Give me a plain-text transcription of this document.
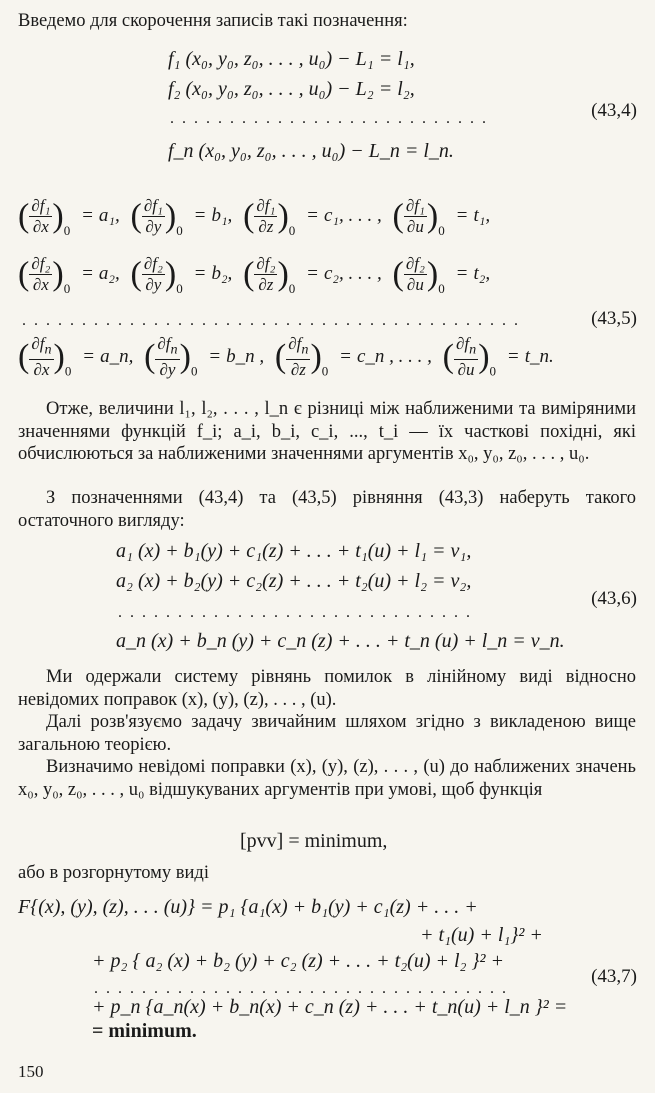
Введемо для скорочення записів такі позначення:
f₁ (x₀, y₀, z₀, . . . , u₀) − L₁ = l₁,
f₂ (x₀, y₀, z₀, . . . , u₀) − L₂ = l₂,
. . . . . . . . . . . . . . . . . . . . . . . . . . .	(43,4)
f_n (x₀, y₀, z₀, . . . , u₀) − L_n = l_n.
( $\frac{\text{∂f₁}}{\partial x} )_0= a_1$, ( $\frac{\text{∂f₁}}{\partial y} )_0= b_1$, ( $\frac{\text{∂f₁}}{\partial z} )_0= c_1$, . . . , ( $\frac{\text{∂f₁}}{\partial u} )_0= t_1$,
( $\frac{\text{∂f₂}}{\partial x} )_0= a_2$, ( $\frac{\text{∂f₂}}{\partial y} )_0= b_2$, ( $\frac{\text{∂f₂}}{\partial z} )_0= c_2$, . . . , ( $\frac{\text{∂f₂}}{\partial u} )_0= t_2$,
. . . . . . . . . . . . . . . . . . . . . . . . . . . . . . . . . . . . . . . . . .	(43,5)
( $\frac{\partial f_n}{\partial x} )_0=$ a_n, ( $\frac{\partial f_n}{\partial y} )_0=$ b_n , ( $\frac{\partial f_n}{\partial z} )_0=$ c_n , . . . , ( $\frac{\partial f_n}{\partial u} )_0=$ t_n.
Отже, величини l₁, l₂, . . . , l_n є різниці між наближеними та виміряними значеннями функцій f_i; a_i, b_i, c_i, ..., t_i — їх часткові похідні, які обчислюються за наближеними значеннями аргументів x₀, y₀, z₀, . . . , u₀.
З позначеннями (43,4) та (43,5) рівняння (43,3) наберуть такого остаточного вигляду:
a₁ (x) + b₁(y) + c₁(z) + . . . + t₁(u) + l₁ = v₁,
a₂ (x) + b₂(y) + c₂(z) + . . . + t₂(u) + l₂ = v₂,
. . . . . . . . . . . . . . . . . . . . . . . . . . . . . .
(43,6)
a_n (x) + b_n (y) + c_n (z) + . . . + t_n (u) + l_n = v_n.
Ми одержали систему рівнянь помилок в лінійному виді відносно невідомих поправок (x), (y), (z), . . . , (u).
Далі розв'язуємо задачу звичайним шляхом згідно з викладеною вище загальною теорією.
Визначимо невідомі поправки (x), (y), (z), . . . , (u) до наближених значень x₀, y₀, z₀, . . . , u₀ відшукуваних аргументів при умові, щоб функція
[pvv] = minimum,
або в розгорнутому виді
F{(x), (y), (z), . . . (u)} = p₁ {a₁(x) + b₁(y) + c₁(z) + . . . +
+ t₁(u) + l₁}² +
+ p₂ { a₂ (x) + b₂ (y) + c₂ (z) + . . . + t₂(u) + l₂ }² +
. . . . . . . . . . . . . . . . . . . . . . . . . . . . . . . . . . .
(43,7)
+ p_n {a_n(x) + b_n(x) + c_n (z) + . . . + t_n(u) + l_n }² =
= minimum.
150
